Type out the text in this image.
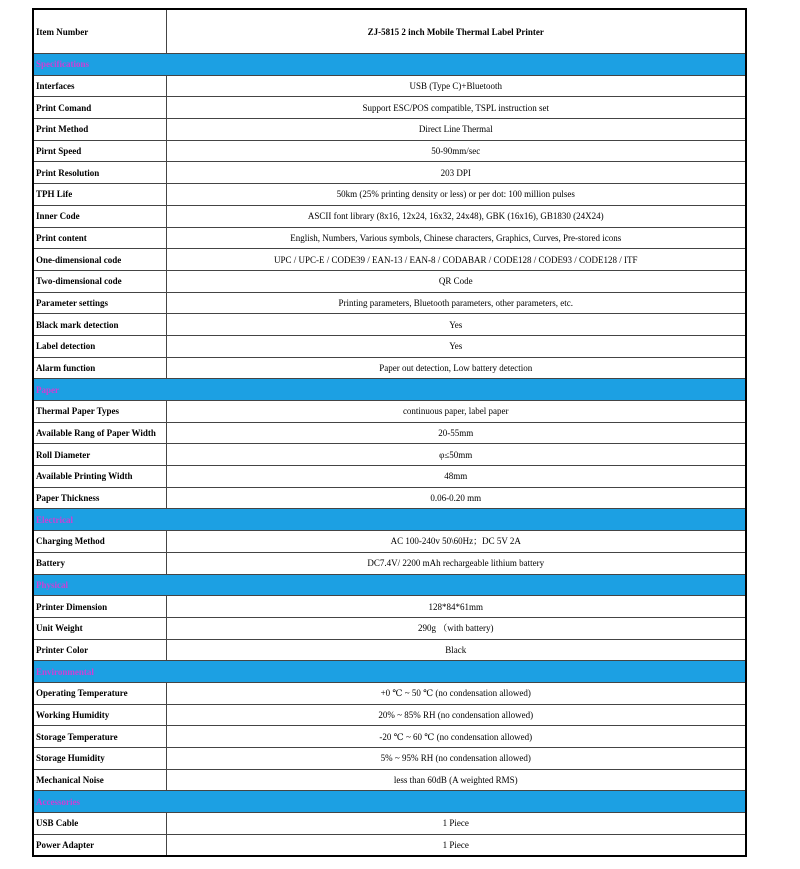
Item Number	ZJ-5815 2 inch Mobile Thermal Label Printer
Specifications	
Interfaces	USB (Type C)+Bluetooth
Print Comand	Support ESC/POS compatible, TSPL instruction set
Print Method	Direct Line Thermal
Pirnt Speed	50-90mm/sec
Print Resolution	203 DPI
TPH Life	50km (25% printing density or less) or per dot: 100 million pulses
Inner Code	ASCII font library (8x16, 12x24, 16x32, 24x48), GBK (16x16), GB1830 (24X24)
Print content	English, Numbers, Various symbols, Chinese characters, Graphics, Curves, Pre-stored icons
One-dimensional code	UPC / UPC-E / CODE39 / EAN-13 / EAN-8 / CODABAR / CODE128 / CODE93 / CODE128 / ITF
Two-dimensional code	QR Code
Parameter settings	Printing parameters, Bluetooth parameters, other parameters, etc.
Black mark detection	Yes
Label detection	Yes
Alarm function	Paper out detection, Low battery detection
Paper	
Thermal Paper Types	continuous paper, label paper
Available Rang of Paper Width	20-55mm
Roll Diameter	φ≤50mm
Available Printing Width	48mm
Paper Thickness	0.06-0.20 mm
Electrical	
Charging Method	AC 100-240v 50\60Hz；DC 5V 2A
Battery	DC7.4V/ 2200 mAh rechargeable lithium battery
Physical	
Printer Dimension	128*84*61mm
Unit Weight	290g （with battery)
Printer Color	Black
Environmental	
Operating Temperature	+0 ℃ ~ 50 ℃ (no condensation allowed)
Working Humidity	20% ~ 85% RH (no condensation allowed)
Storage Temperature	-20 ℃ ~ 60 ℃ (no condensation allowed)
Storage Humidity	5% ~ 95% RH (no condensation allowed)
Mechanical Noise	less than 60dB (A weighted RMS)
Accessories	
USB Cable	1 Piece
Power Adapter	1 Piece
